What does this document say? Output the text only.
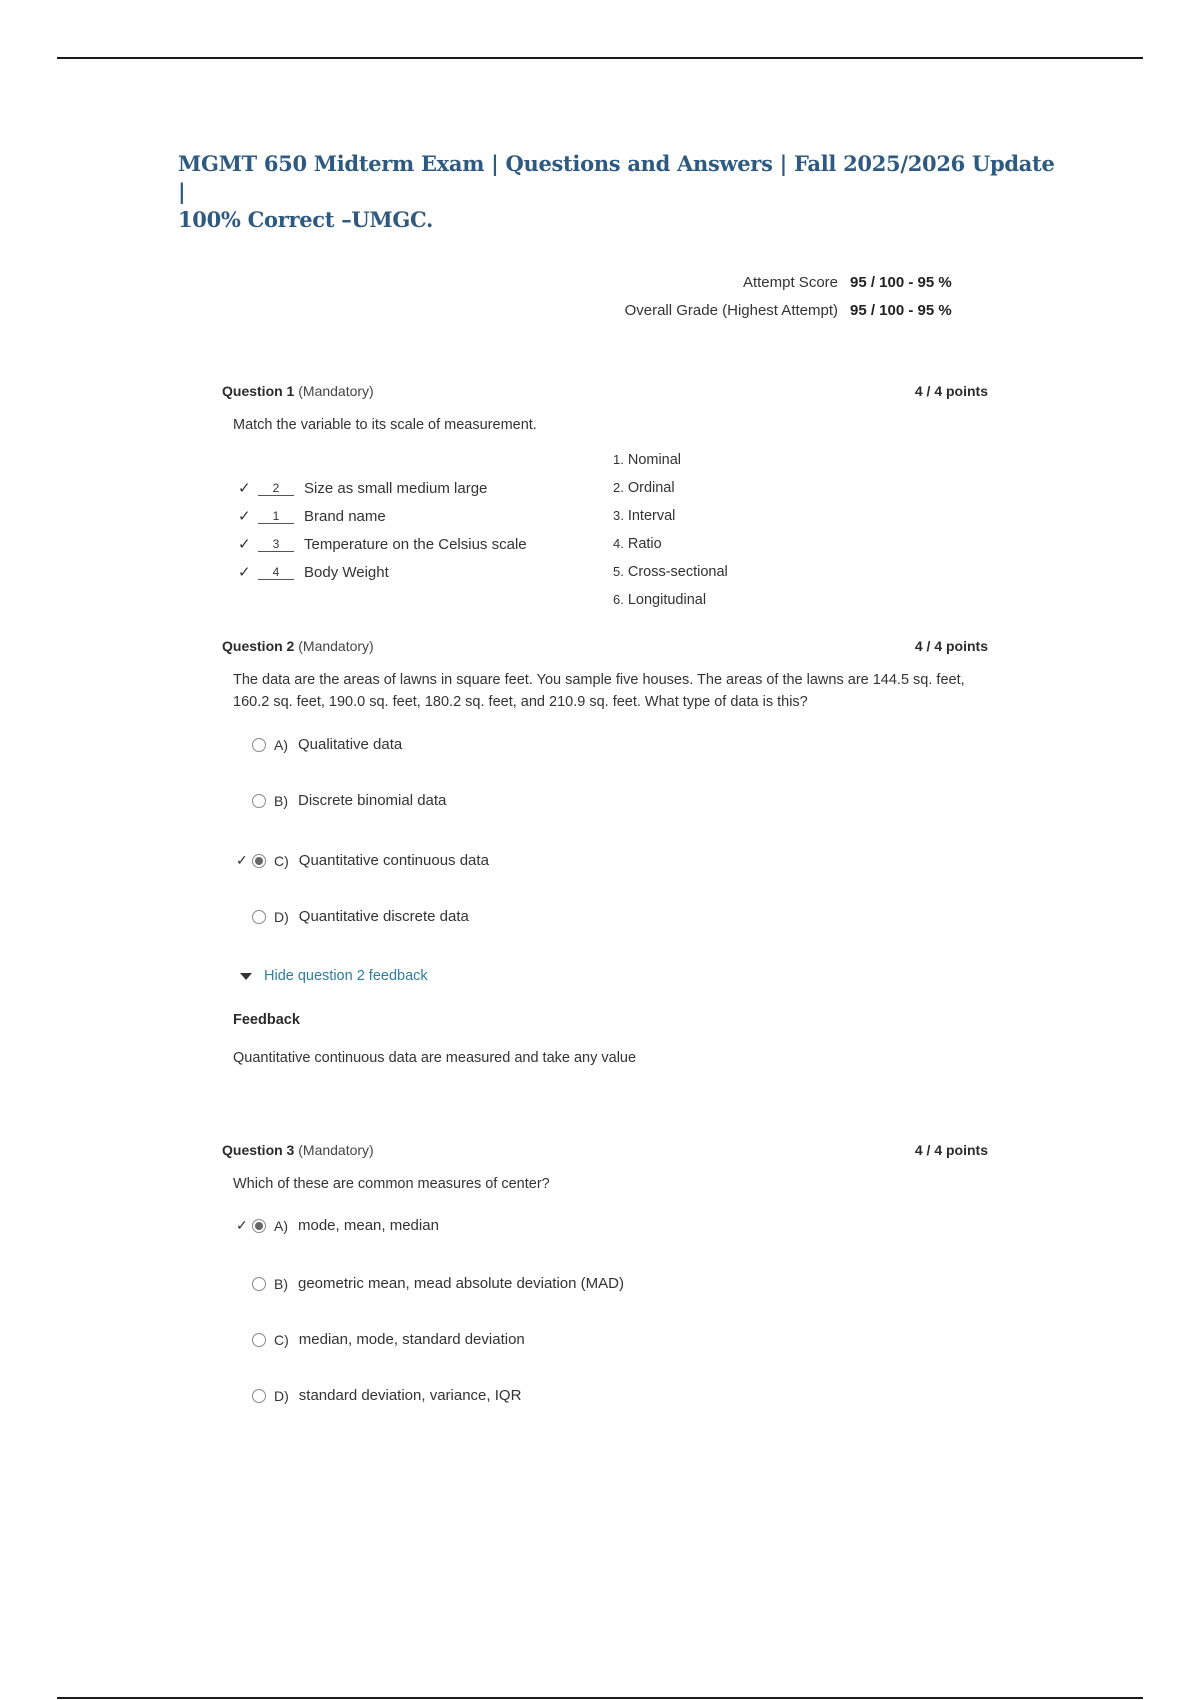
MGMT 650 Midterm Exam | Questions and Answers | Fall 2025/2026 Update |
100% Correct –UMGC.
Attempt Score 95 / 100 - 95 %
Overall Grade (Highest Attempt) 95 / 100 - 95 %
Question 1 (Mandatory)	4 / 4 points
Match the variable to its scale of measurement.
✓	2	Size as small medium large
✓	1	Brand name
✓	3	Temperature on the Celsius scale
✓	4	Body Weight
1. Nominal
2. Ordinal
3. Interval
4. Ratio
5. Cross-sectional
6. Longitudinal
Question 2 (Mandatory)	4 / 4 points
The data are the areas of lawns in square feet. You sample five houses. The areas of the lawns are 144.5 sq. feet, 160.2 sq. feet, 190.0 sq. feet, 180.2 sq. feet, and 210.9 sq. feet. What type of data is this?
A) Qualitative data
B) Discrete binomial data
✓	C) Quantitative continuous data
D) Quantitative discrete data
Hide question 2 feedback
Feedback
Quantitative continuous data are measured and take any value
Question 3 (Mandatory)	4 / 4 points
Which of these are common measures of center?
✓	A) mode, mean, median
B) geometric mean, mead absolute deviation (MAD)
C) median, mode, standard deviation
D) standard deviation, variance, IQR
